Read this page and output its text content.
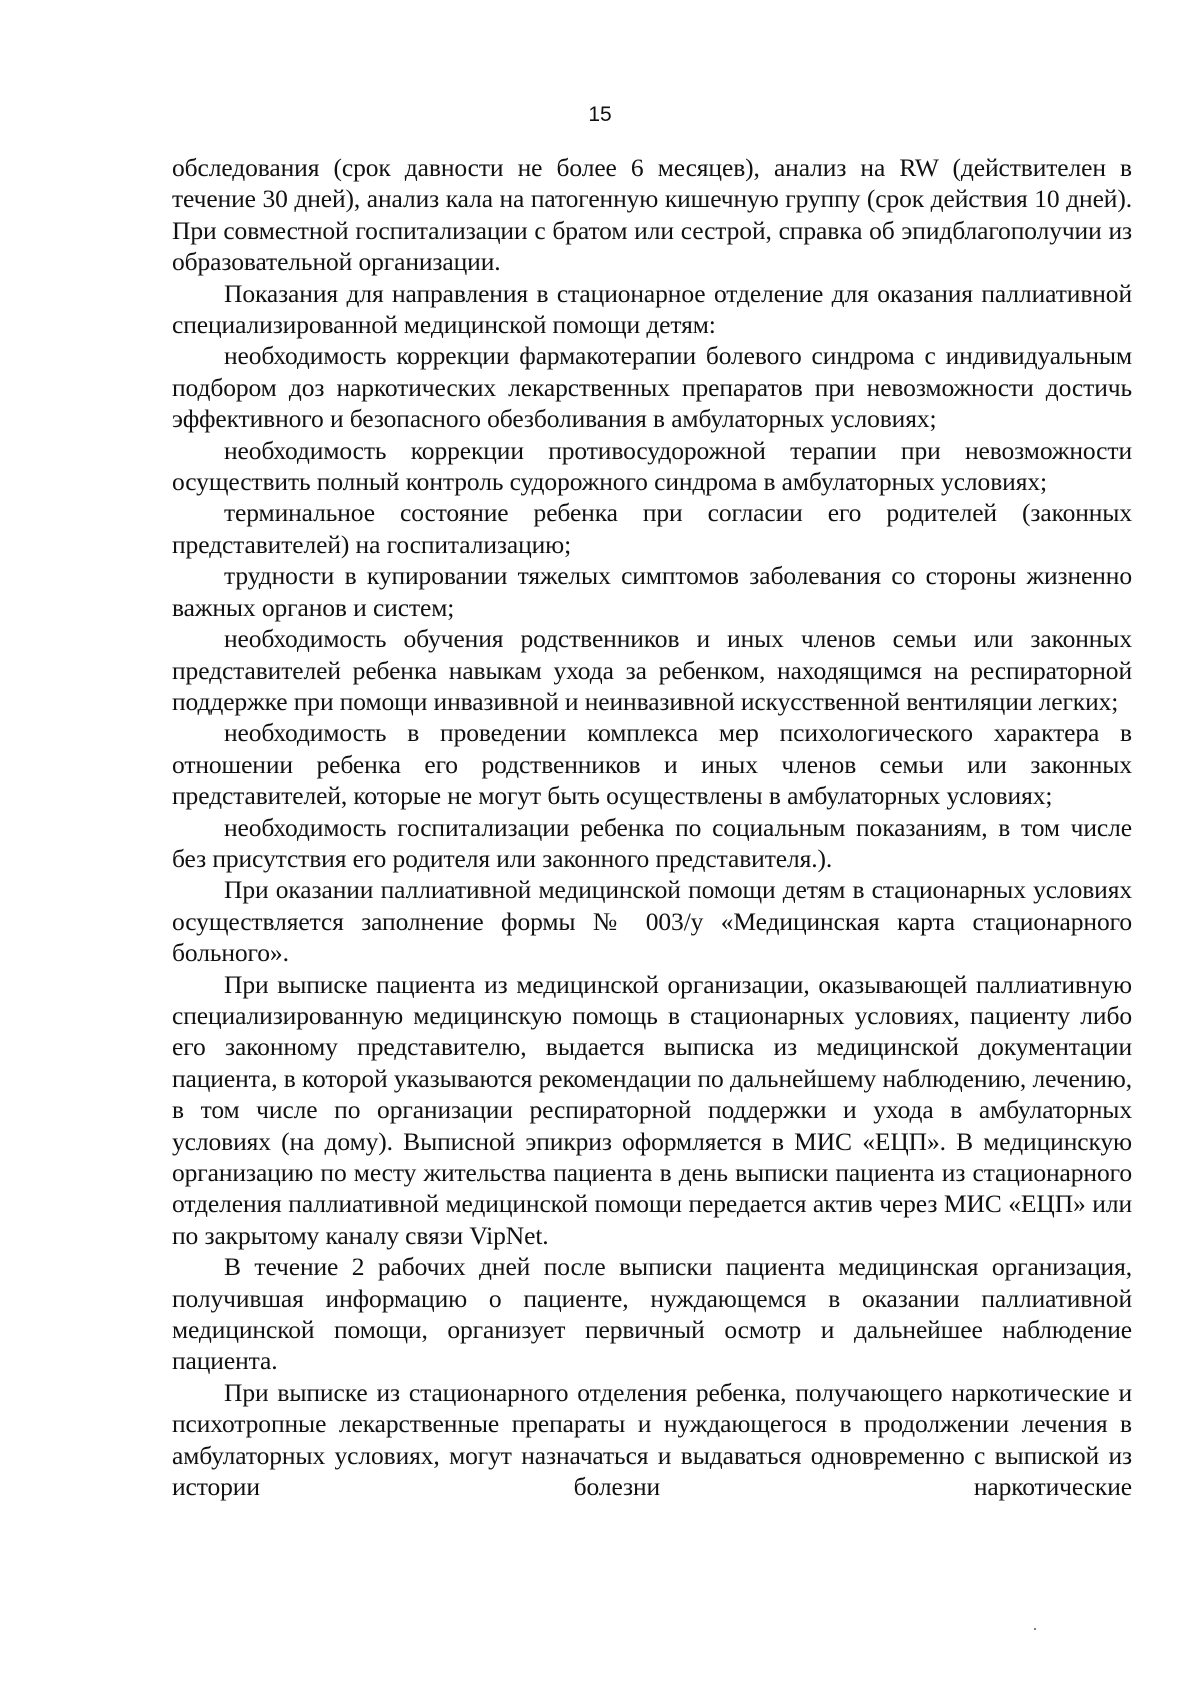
15

обследования (срок давности не более 6 месяцев), анализ на RW (действителен в течение 30 дней), анализ кала на патогенную кишечную группу (срок действия 10 дней). При совместной госпитализации с братом или сестрой, справка об эпидблагополучии из образовательной организации.

Показания для направления в стационарное отделение для оказания паллиативной специализированной медицинской помощи детям:

необходимость коррекции фармакотерапии болевого синдрома с индивидуальным подбором доз наркотических лекарственных препаратов при невозможности достичь эффективного и безопасного обезболивания в амбулаторных условиях;

необходимость коррекции противосудорожной терапии при невозможности осуществить полный контроль судорожного синдрома в амбулаторных условиях;

терминальное состояние ребенка при согласии его родителей (законных представителей) на госпитализацию;

трудности в купировании тяжелых симптомов заболевания со стороны жизненно важных органов и систем;

необходимость обучения родственников и иных членов семьи или законных представителей ребенка навыкам ухода за ребенком, находящимся на респираторной поддержке при помощи инвазивной и неинвазивной искусственной вентиляции легких;

необходимость в проведении комплекса мер психологического характера в отношении ребенка его родственников и иных членов семьи или законных представителей, которые не могут быть осуществлены в амбулаторных условиях;

необходимость госпитализации ребенка по социальным показаниям, в том числе без присутствия его родителя или законного представителя.).

При оказании паллиативной медицинской помощи детям в стационарных условиях осуществляется заполнение формы № 003/у «Медицинская карта стационарного больного».

При выписке пациента из медицинской организации, оказывающей паллиативную специализированную медицинскую помощь в стационарных условиях, пациенту либо его законному представителю, выдается выписка из медицинской документации пациента, в которой указываются рекомендации по дальнейшему наблюдению, лечению, в том числе по организации респираторной поддержки и ухода в амбулаторных условиях (на дому). Выписной эпикриз оформляется в МИС «ЕЦП». В медицинскую организацию по месту жительства пациента в день выписки пациента из стационарного отделения паллиативной медицинской помощи передается актив через МИС «ЕЦП» или по закрытому каналу связи VipNet.

В течение 2 рабочих дней после выписки пациента медицинская организация, получившая информацию о пациенте, нуждающемся в оказании паллиативной медицинской помощи, организует первичный осмотр и дальнейшее наблюдение пациента.

При выписке из стационарного отделения ребенка, получающего наркотические и психотропные лекарственные препараты и нуждающегося в продолжении лечения в амбулаторных условиях, могут назначаться и выдаваться одновременно с выпиской из истории болезни наркотические
